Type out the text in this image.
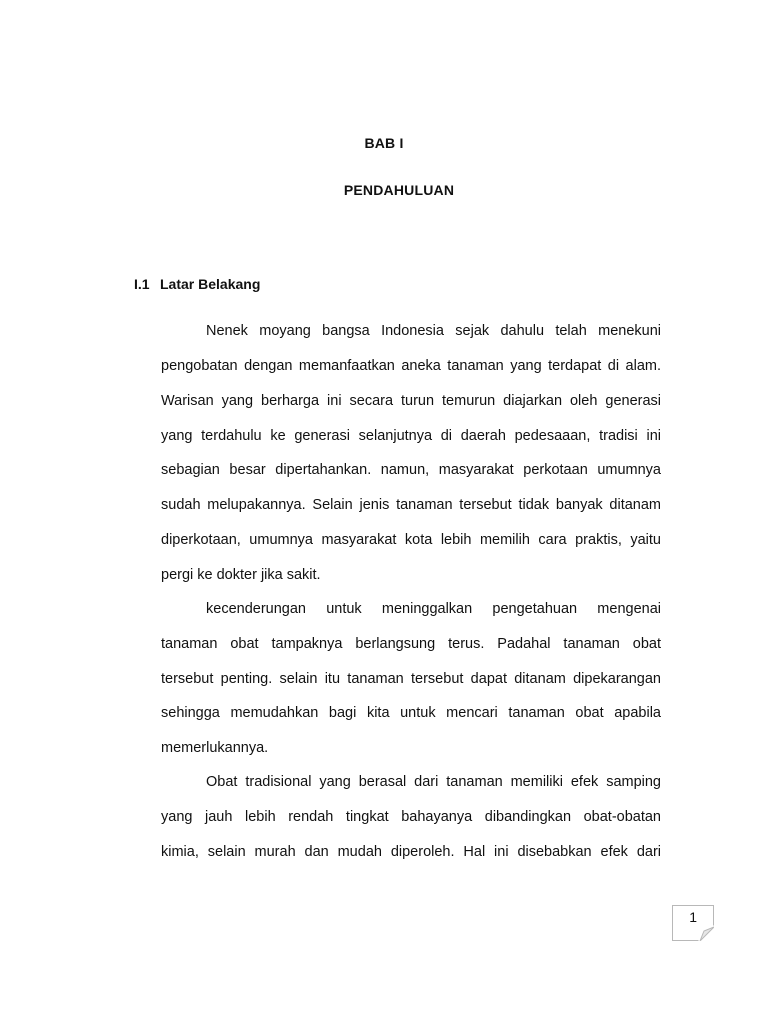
BAB I
PENDAHULUAN
I.1 Latar Belakang
Nenek moyang bangsa Indonesia sejak dahulu telah menekuni
pengobatan dengan memanfaatkan aneka tanaman yang terdapat di alam.
Warisan yang berharga ini secara turun temurun diajarkan oleh generasi
yang terdahulu ke generasi selanjutnya di daerah pedesaaan, tradisi ini
sebagian besar dipertahankan. namun, masyarakat perkotaan umumnya
sudah melupakannya. Selain jenis tanaman tersebut tidak banyak ditanam
diperkotaan, umumnya masyarakat kota lebih memilih cara praktis, yaitu
pergi ke dokter jika sakit.
kecenderungan untuk meninggalkan pengetahuan mengenai
tanaman obat tampaknya berlangsung terus. Padahal tanaman obat
tersebut penting. selain itu tanaman tersebut dapat ditanam dipekarangan
sehingga memudahkan bagi kita untuk mencari tanaman obat apabila
memerlukannya.
Obat tradisional yang berasal dari tanaman memiliki efek samping
yang jauh lebih rendah tingkat bahayanya dibandingkan obat-obatan
kimia, selain murah dan mudah diperoleh. Hal ini disebabkan efek dari
1
